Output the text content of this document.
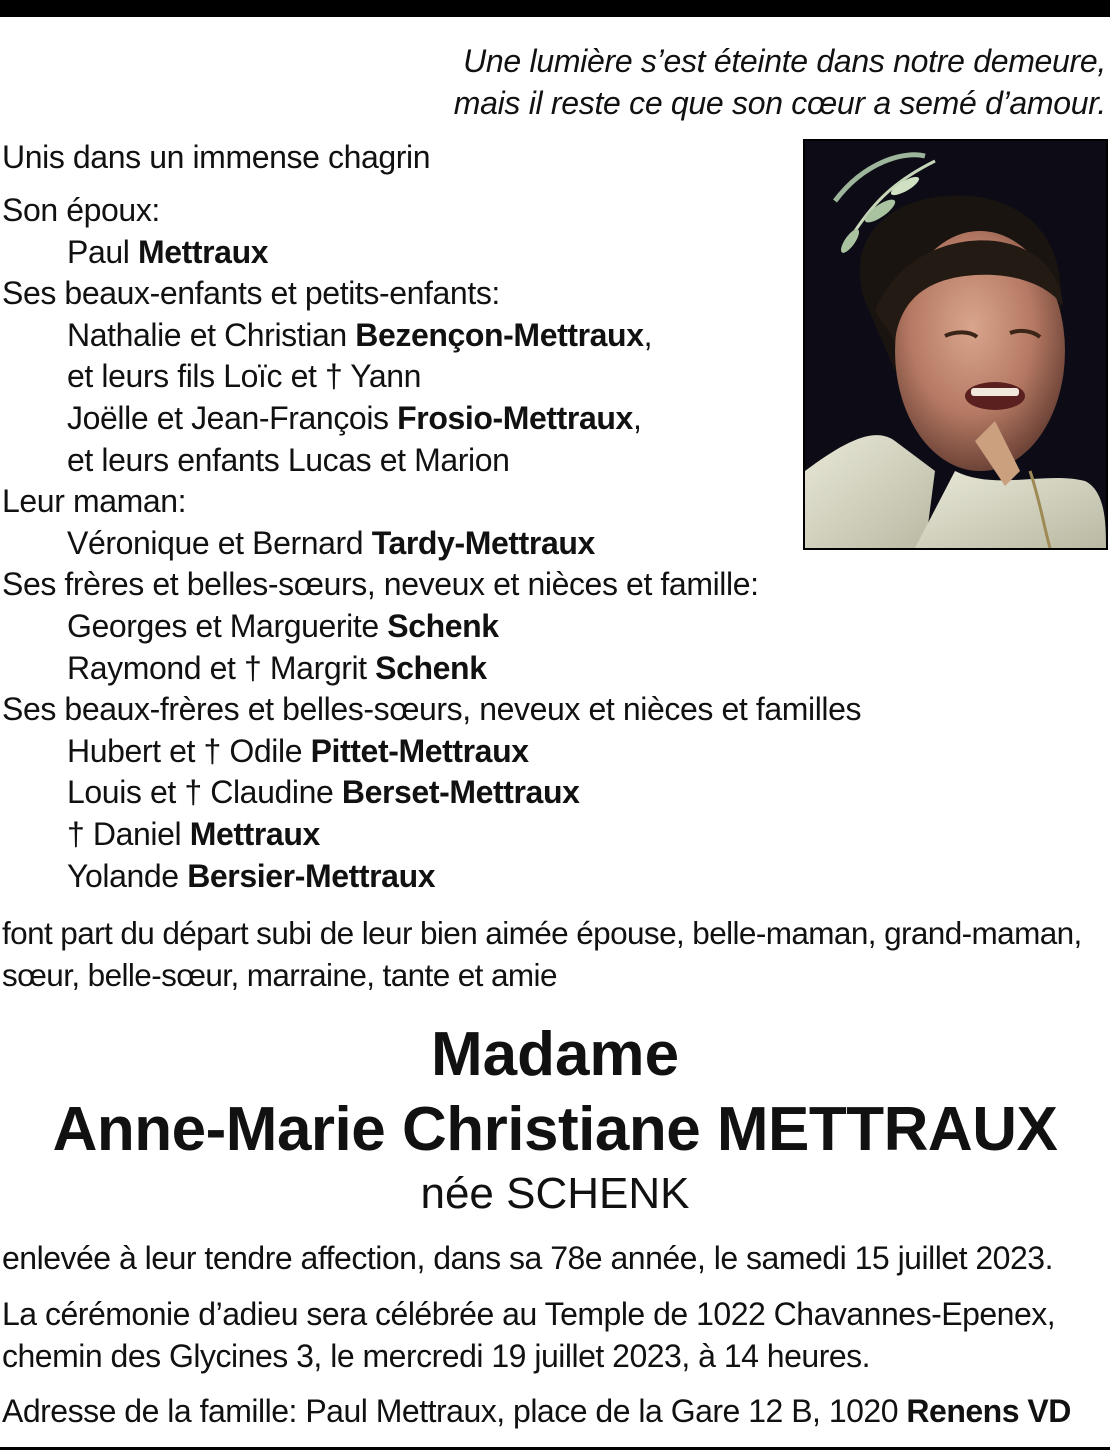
Une lumière s’est éteinte dans notre demeure,
mais il reste ce que son cœur a semé d’amour.
Unis dans un immense chagrin
Son époux:
Paul Mettraux
Ses beaux-enfants et petits-enfants:
Nathalie et Christian Bezençon-Mettraux,
et leurs fils Loïc et † Yann
Joëlle et Jean-François Frosio-Mettraux,
et leurs enfants Lucas et Marion
Leur maman:
Véronique et Bernard Tardy-Mettraux
Ses frères et belles-sœurs, neveux et nièces et famille:
Georges et Marguerite Schenk
Raymond et † Margrit Schenk
Ses beaux-frères et belles-sœurs, neveux et nièces et familles
Hubert et † Odile Pittet-Mettraux
Louis et † Claudine Berset-Mettraux
† Daniel Mettraux
Yolande Bersier-Mettraux
font part du départ subi de leur bien aimée épouse, belle-maman, grand-maman,
sœur, belle-sœur, marraine, tante et amie
Madame
Anne-Marie Christiane METTRAUX
née SCHENK
enlevée à leur tendre affection, dans sa 78e année, le samedi 15 juillet 2023.
La cérémonie d’adieu sera célébrée au Temple de 1022 Chavannes-Epenex,
chemin des Glycines 3, le mercredi 19 juillet 2023, à 14 heures.
Adresse de la famille: Paul Mettraux, place de la Gare 12 B, 1020 Renens VD
